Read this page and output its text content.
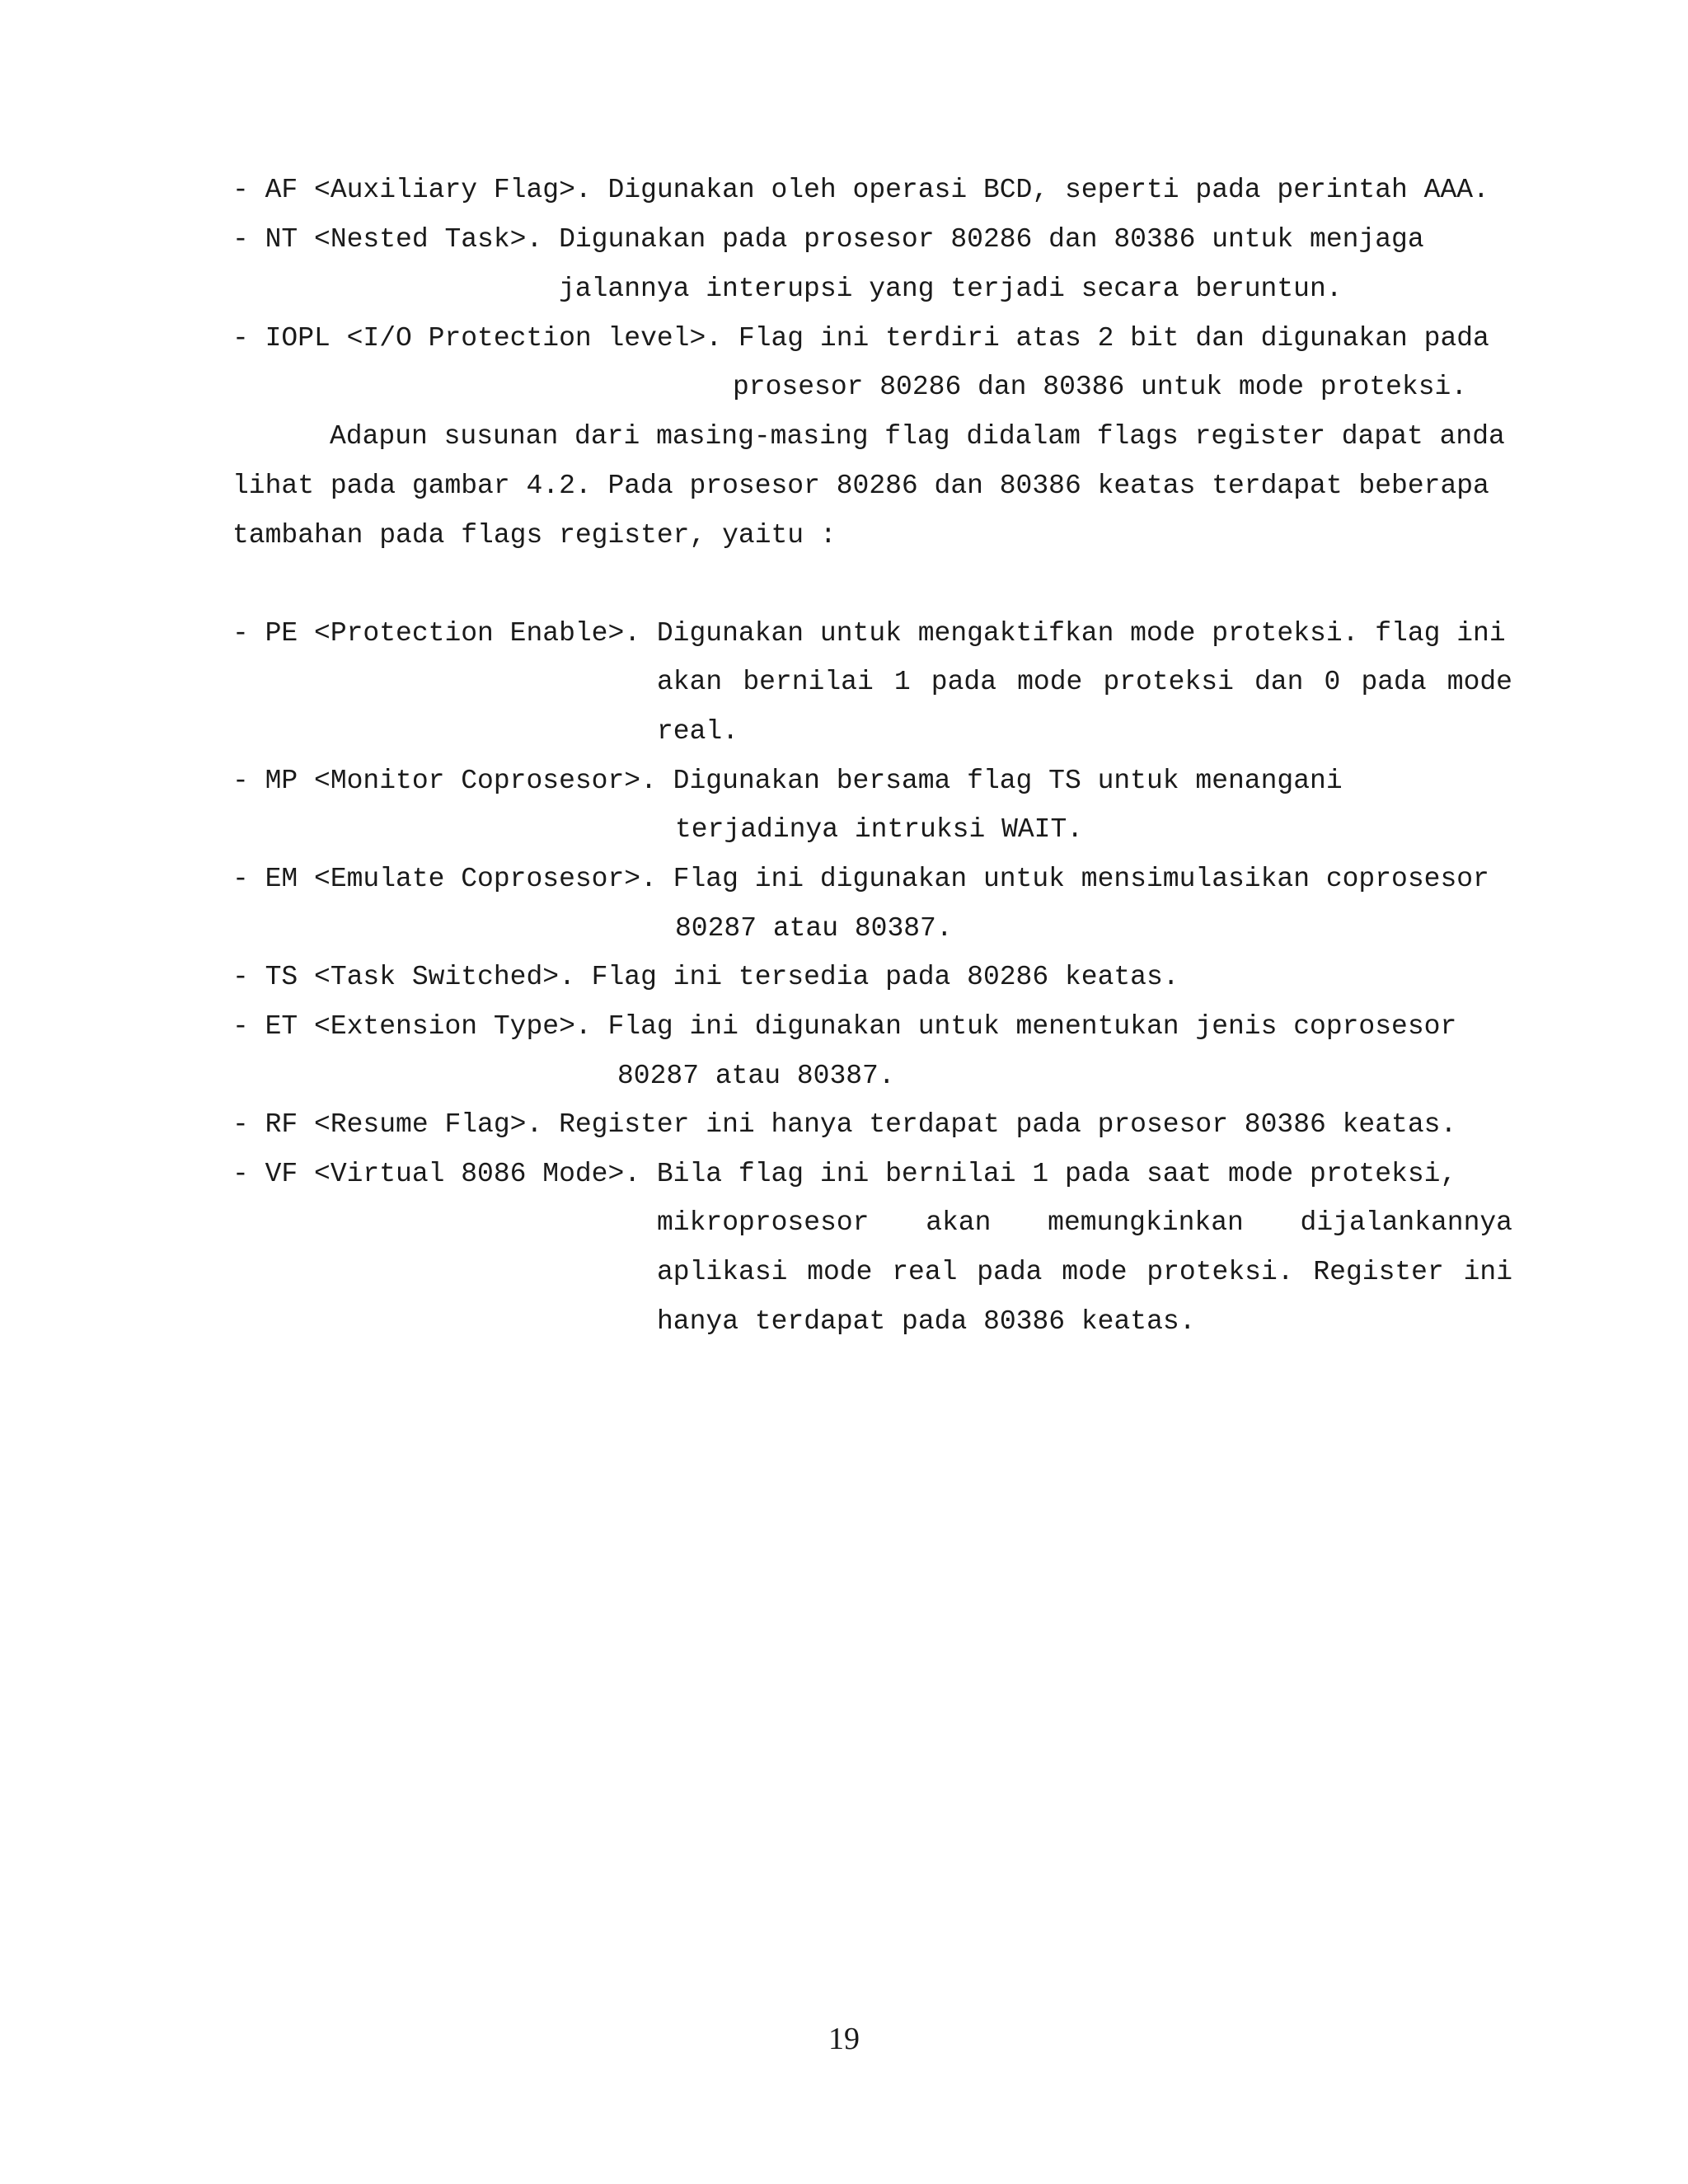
- AF <Auxiliary Flag>. Digunakan oleh operasi BCD, seperti pada perintah AAA.

- NT <Nested Task>. Digunakan pada prosesor 80286 dan 80386 untuk menjaga

jalannya interupsi yang terjadi secara beruntun.

- IOPL <I/O Protection level>. Flag ini terdiri atas 2 bit dan digunakan pada

prosesor 80286 dan 80386 untuk mode proteksi.

Adapun susunan dari masing-masing flag didalam flags register dapat anda

lihat pada gambar 4.2. Pada prosesor 80286 dan 80386 keatas terdapat beberapa

tambahan pada flags register, yaitu :

- PE <Protection Enable>. Digunakan untuk mengaktifkan mode proteksi. flag ini

akan bernilai 1 pada mode proteksi dan 0 pada mode

real.

- MP <Monitor Coprosesor>. Digunakan bersama flag TS untuk menangani

terjadinya intruksi WAIT.

- EM <Emulate Coprosesor>. Flag ini digunakan untuk mensimulasikan coprosesor

80287 atau 80387.

- TS <Task Switched>. Flag ini tersedia pada 80286 keatas.

- ET <Extension Type>. Flag ini digunakan untuk menentukan jenis coprosesor

80287 atau 80387.

- RF <Resume Flag>. Register ini hanya terdapat pada prosesor 80386 keatas.

- VF <Virtual 8086 Mode>. Bila flag ini bernilai 1 pada saat mode proteksi,

mikroprosesor akan memungkinkan dijalankannya

aplikasi mode real pada mode proteksi. Register ini

hanya terdapat pada 80386 keatas.

19
